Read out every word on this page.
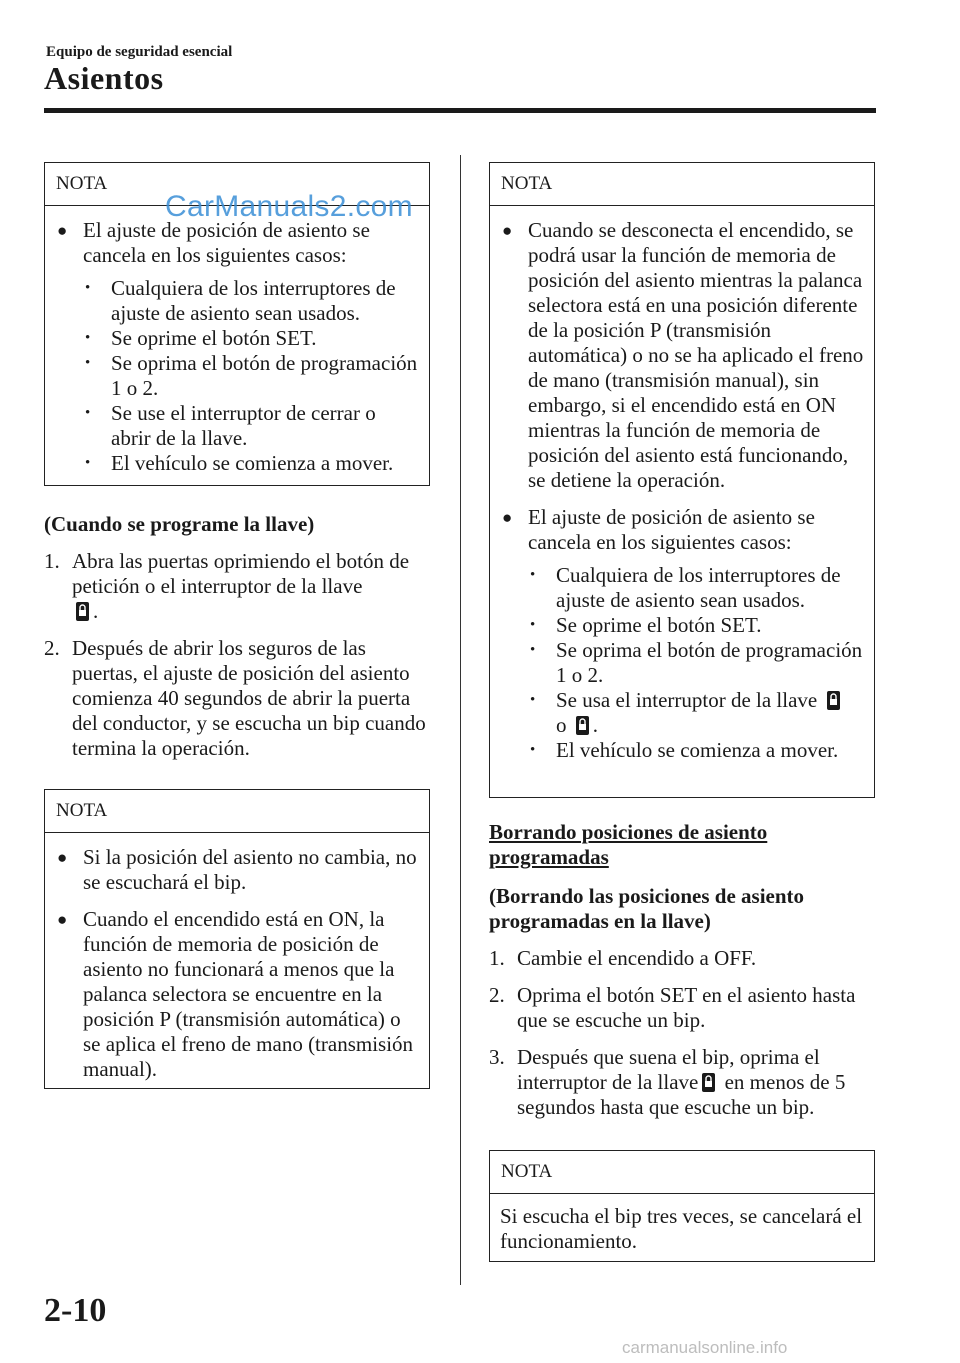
Equipo de seguridad esencial
Asientos
NOTA
● El ajuste de posición de asiento se cancela en los siguientes casos:
• Cualquiera de los interruptores de ajuste de asiento sean usados.
• Se oprime el botón SET.
• Se oprima el botón de programación 1 o 2.
• Se use el interruptor de cerrar o abrir de la llave.
• El vehículo se comienza a mover.
(Cuando se programe la llave)
1. Abra las puertas oprimiendo el botón de petición o el interruptor de la llave
.
2. Después de abrir los seguros de las puertas, el ajuste de posición del asiento comienza 40 segundos de abrir la puerta del conductor, y se escucha un bip cuando termina la operación.
NOTA
● Si la posición del asiento no cambia, no se escuchará el bip.
● Cuando el encendido está en ON, la función de memoria de posición de asiento no funcionará a menos que la palanca selectora se encuentre en la posición P (transmisión automática) o se aplica el freno de mano (transmisión manual).
NOTA
● Cuando se desconecta el encendido, se podrá usar la función de memoria de posición del asiento mientras la palanca selectora está en una posición diferente de la posición P (transmisión automática) o no se ha aplicado el freno de mano (transmisión manual), sin embargo, si el encendido está en ON mientras la función de memoria de posición del asiento está funcionando, se detiene la operación.
● El ajuste de posición de asiento se cancela en los siguientes casos:
• Cualquiera de los interruptores de ajuste de asiento sean usados.
• Se oprime el botón SET.
• Se oprima el botón de programación 1 o 2.
• Se usa el interruptor de la llave
o .
• El vehículo se comienza a mover.
Borrando posiciones de asiento programadas
(Borrando las posiciones de asiento programadas en la llave)
1. Cambie el encendido a OFF.
2. Oprima el botón SET en el asiento hasta que se escuche un bip.
3. Después que suena el bip, oprima el interruptor de la llave en menos de 5 segundos hasta que escuche un bip.
NOTA
Si escucha el bip tres veces, se cancelará el funcionamiento.
CarManuals2.com
2-10
carmanualsonline.info
